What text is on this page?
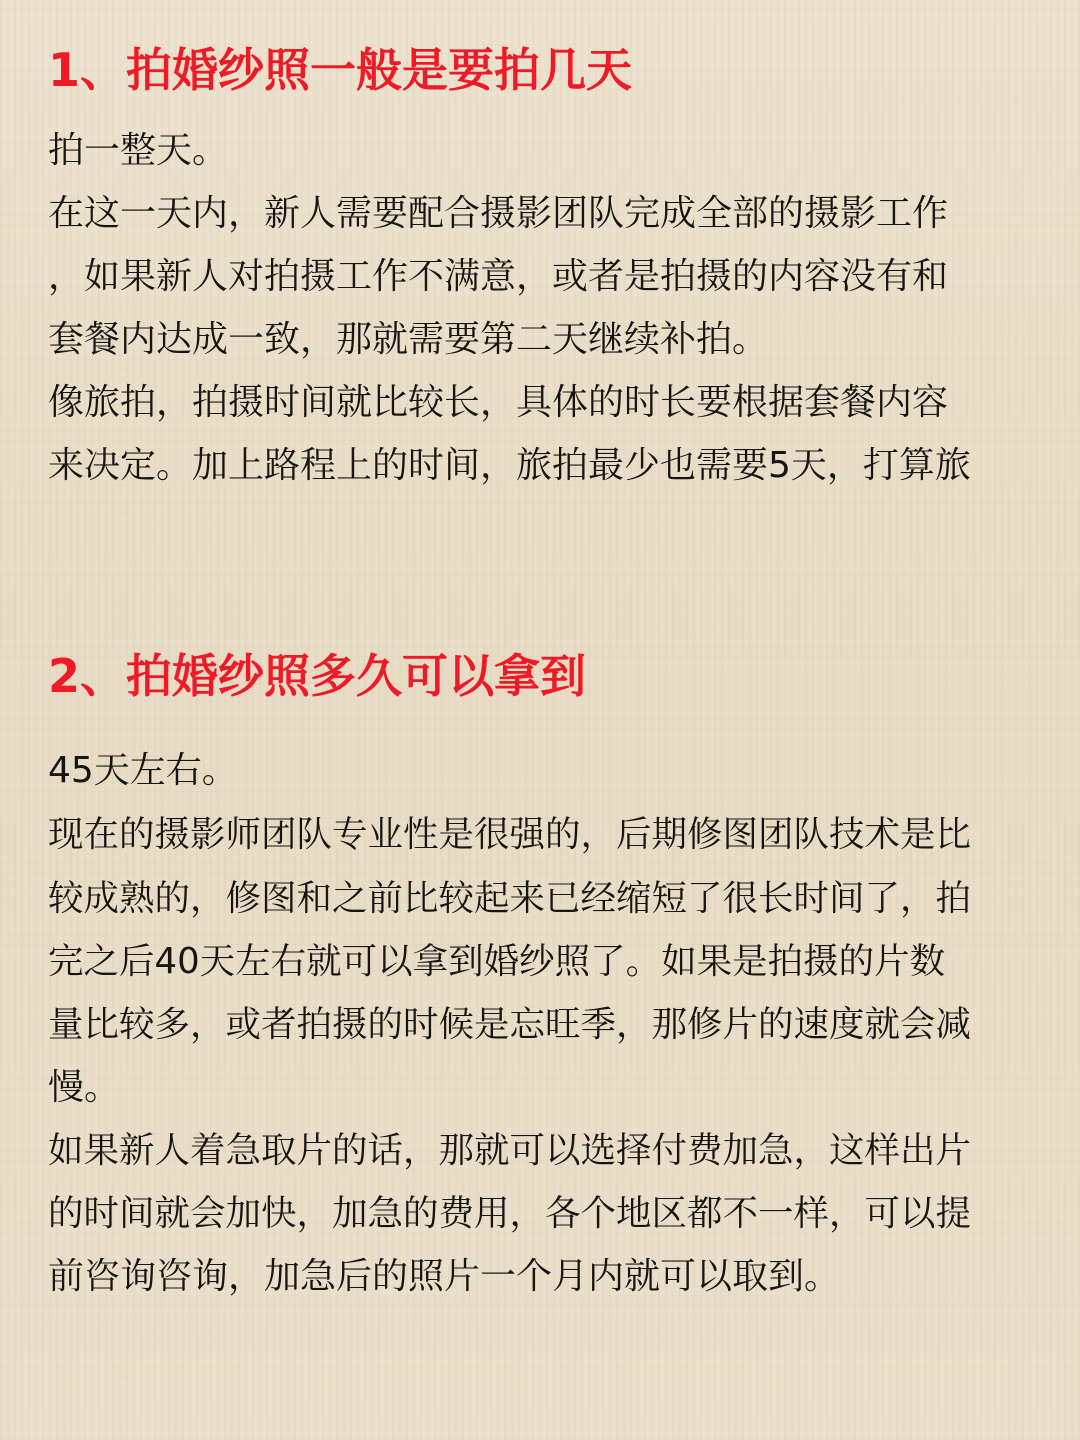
1、拍婚纱照一般是要拍几天

拍一整天。

在这一天内，新人需要配合摄影团队完成全部的摄影工作

，如果新人对拍摄工作不满意，或者是拍摄的内容没有和

套餐内达成一致，那就需要第二天继续补拍。

像旅拍，拍摄时间就比较长，具体的时长要根据套餐内容

来决定。加上路程上的时间，旅拍最少也需要5天，打算旅

2、拍婚纱照多久可以拿到

45天左右。

现在的摄影师团队专业性是很强的，后期修图团队技术是比

较成熟的，修图和之前比较起来已经缩短了很长时间了，拍

完之后40天左右就可以拿到婚纱照了。如果是拍摄的片数

量比较多，或者拍摄的时候是忘旺季，那修片的速度就会减

慢。

如果新人着急取片的话，那就可以选择付费加急，这样出片

的时间就会加快，加急的费用，各个地区都不一样，可以提

前咨询咨询，加急后的照片一个月内就可以取到。
